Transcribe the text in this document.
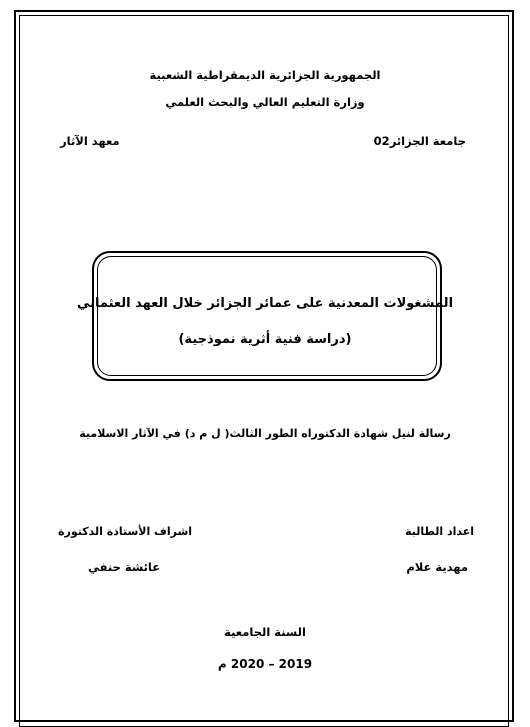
الجمهورية الجزائرية الديمقراطية الشعبية
وزارة التعليم العالي والبحث العلمي
جامعة الجزائر02
معهد الآثار
المشغولات المعدنية على عمائر الجزائر خلال العهد العثماني
(دراسة فنية أثرية نموذجية)
رسالة لنيل شهادة الدكتوراه الطور الثالث( ل م د) في الآثار الاسلامية
اعداد الطالبة
اشراف الأستاذة الدكتورة
مهدية علام
عائشة حنفي
السنة الجامعية
2019 – 2020 م
